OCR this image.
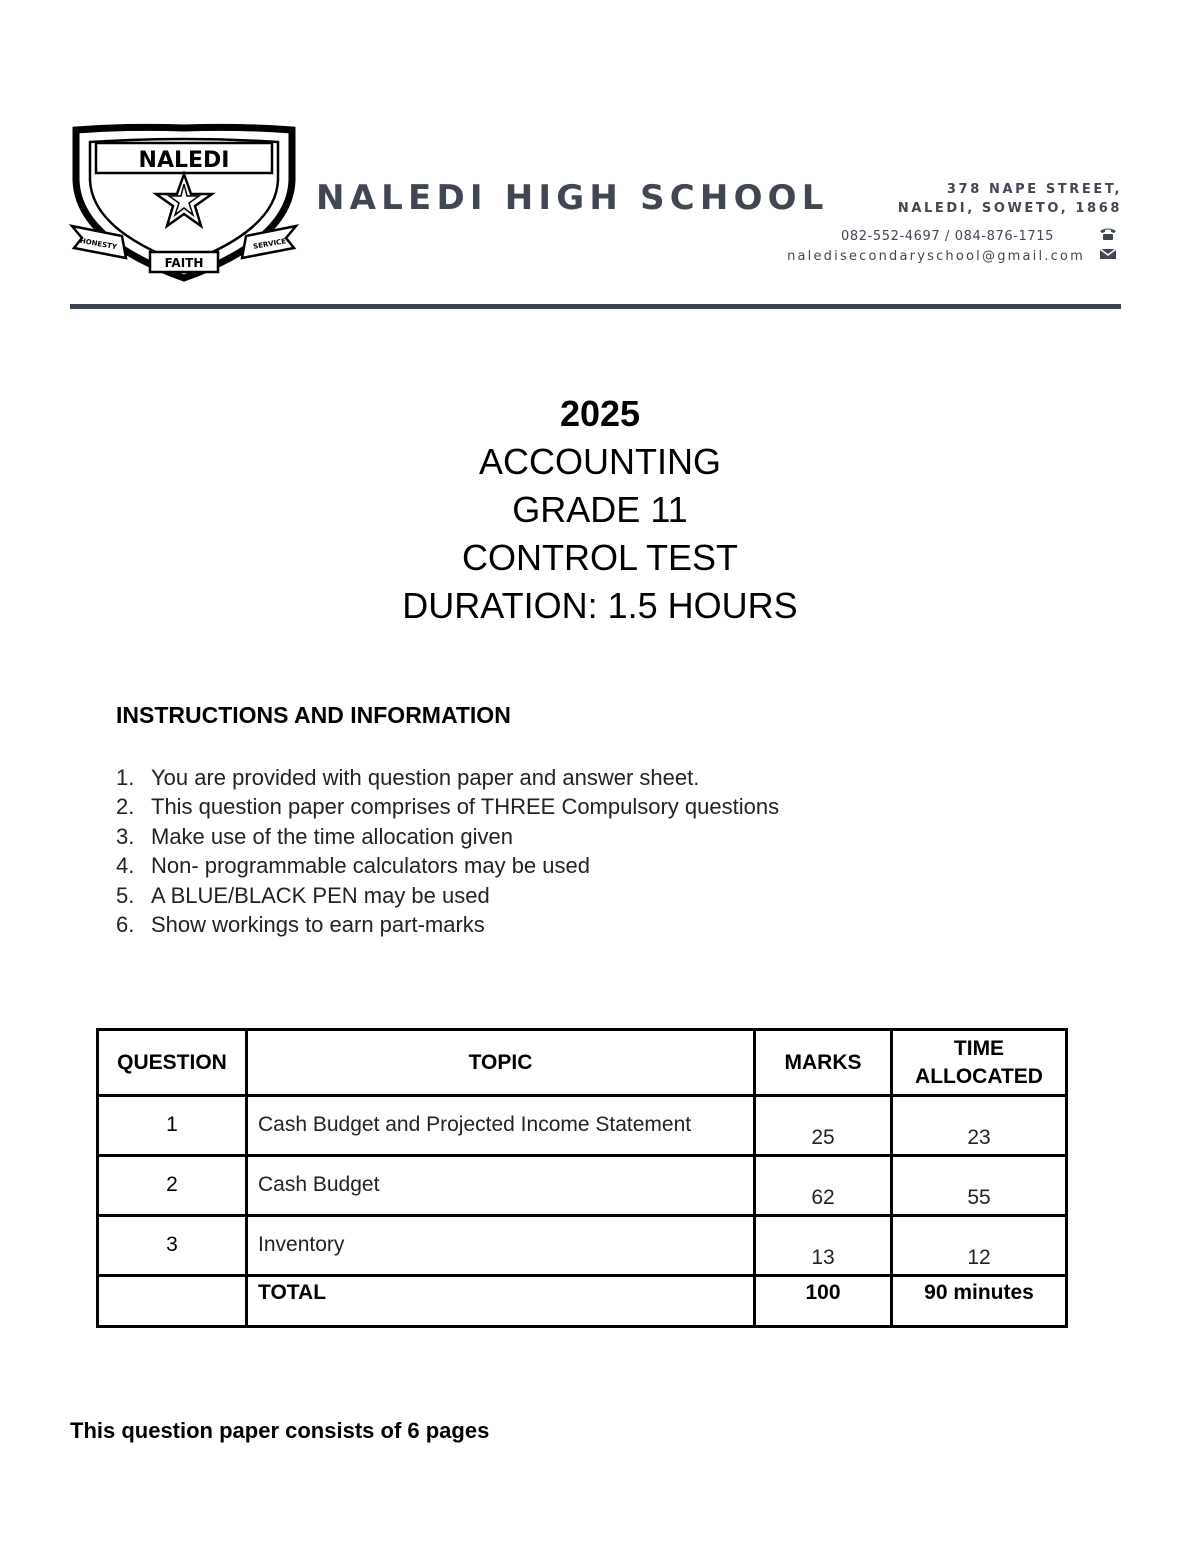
NALEDI
FAITH
HONESTY	SERVICE
NALEDI HIGH SCHOOL	378 NAPE STREET,
NALEDI, SOWETO, 1868
082-552-4697 / 084-876-1715
naledisecondaryschool@gmail.com
2025
ACCOUNTING
GRADE 11
CONTROL TEST
DURATION: 1.5 HOURS
INSTRUCTIONS AND INFORMATION
1. You are provided with question paper and answer sheet.
2. This question paper comprises of THREE Compulsory questions
3. Make use of the time allocation given
4. Non- programmable calculators may be used
5. A BLUE/BLACK PEN may be used
6. Show workings to earn part-marks
QUESTION	TOPIC	MARKS	TIME ALLOCATED
1	Cash Budget and Projected Income Statement	25	23
2	Cash Budget	62	55
3	Inventory	13	12
	TOTAL	100	90 minutes
This question paper consists of 6 pages
